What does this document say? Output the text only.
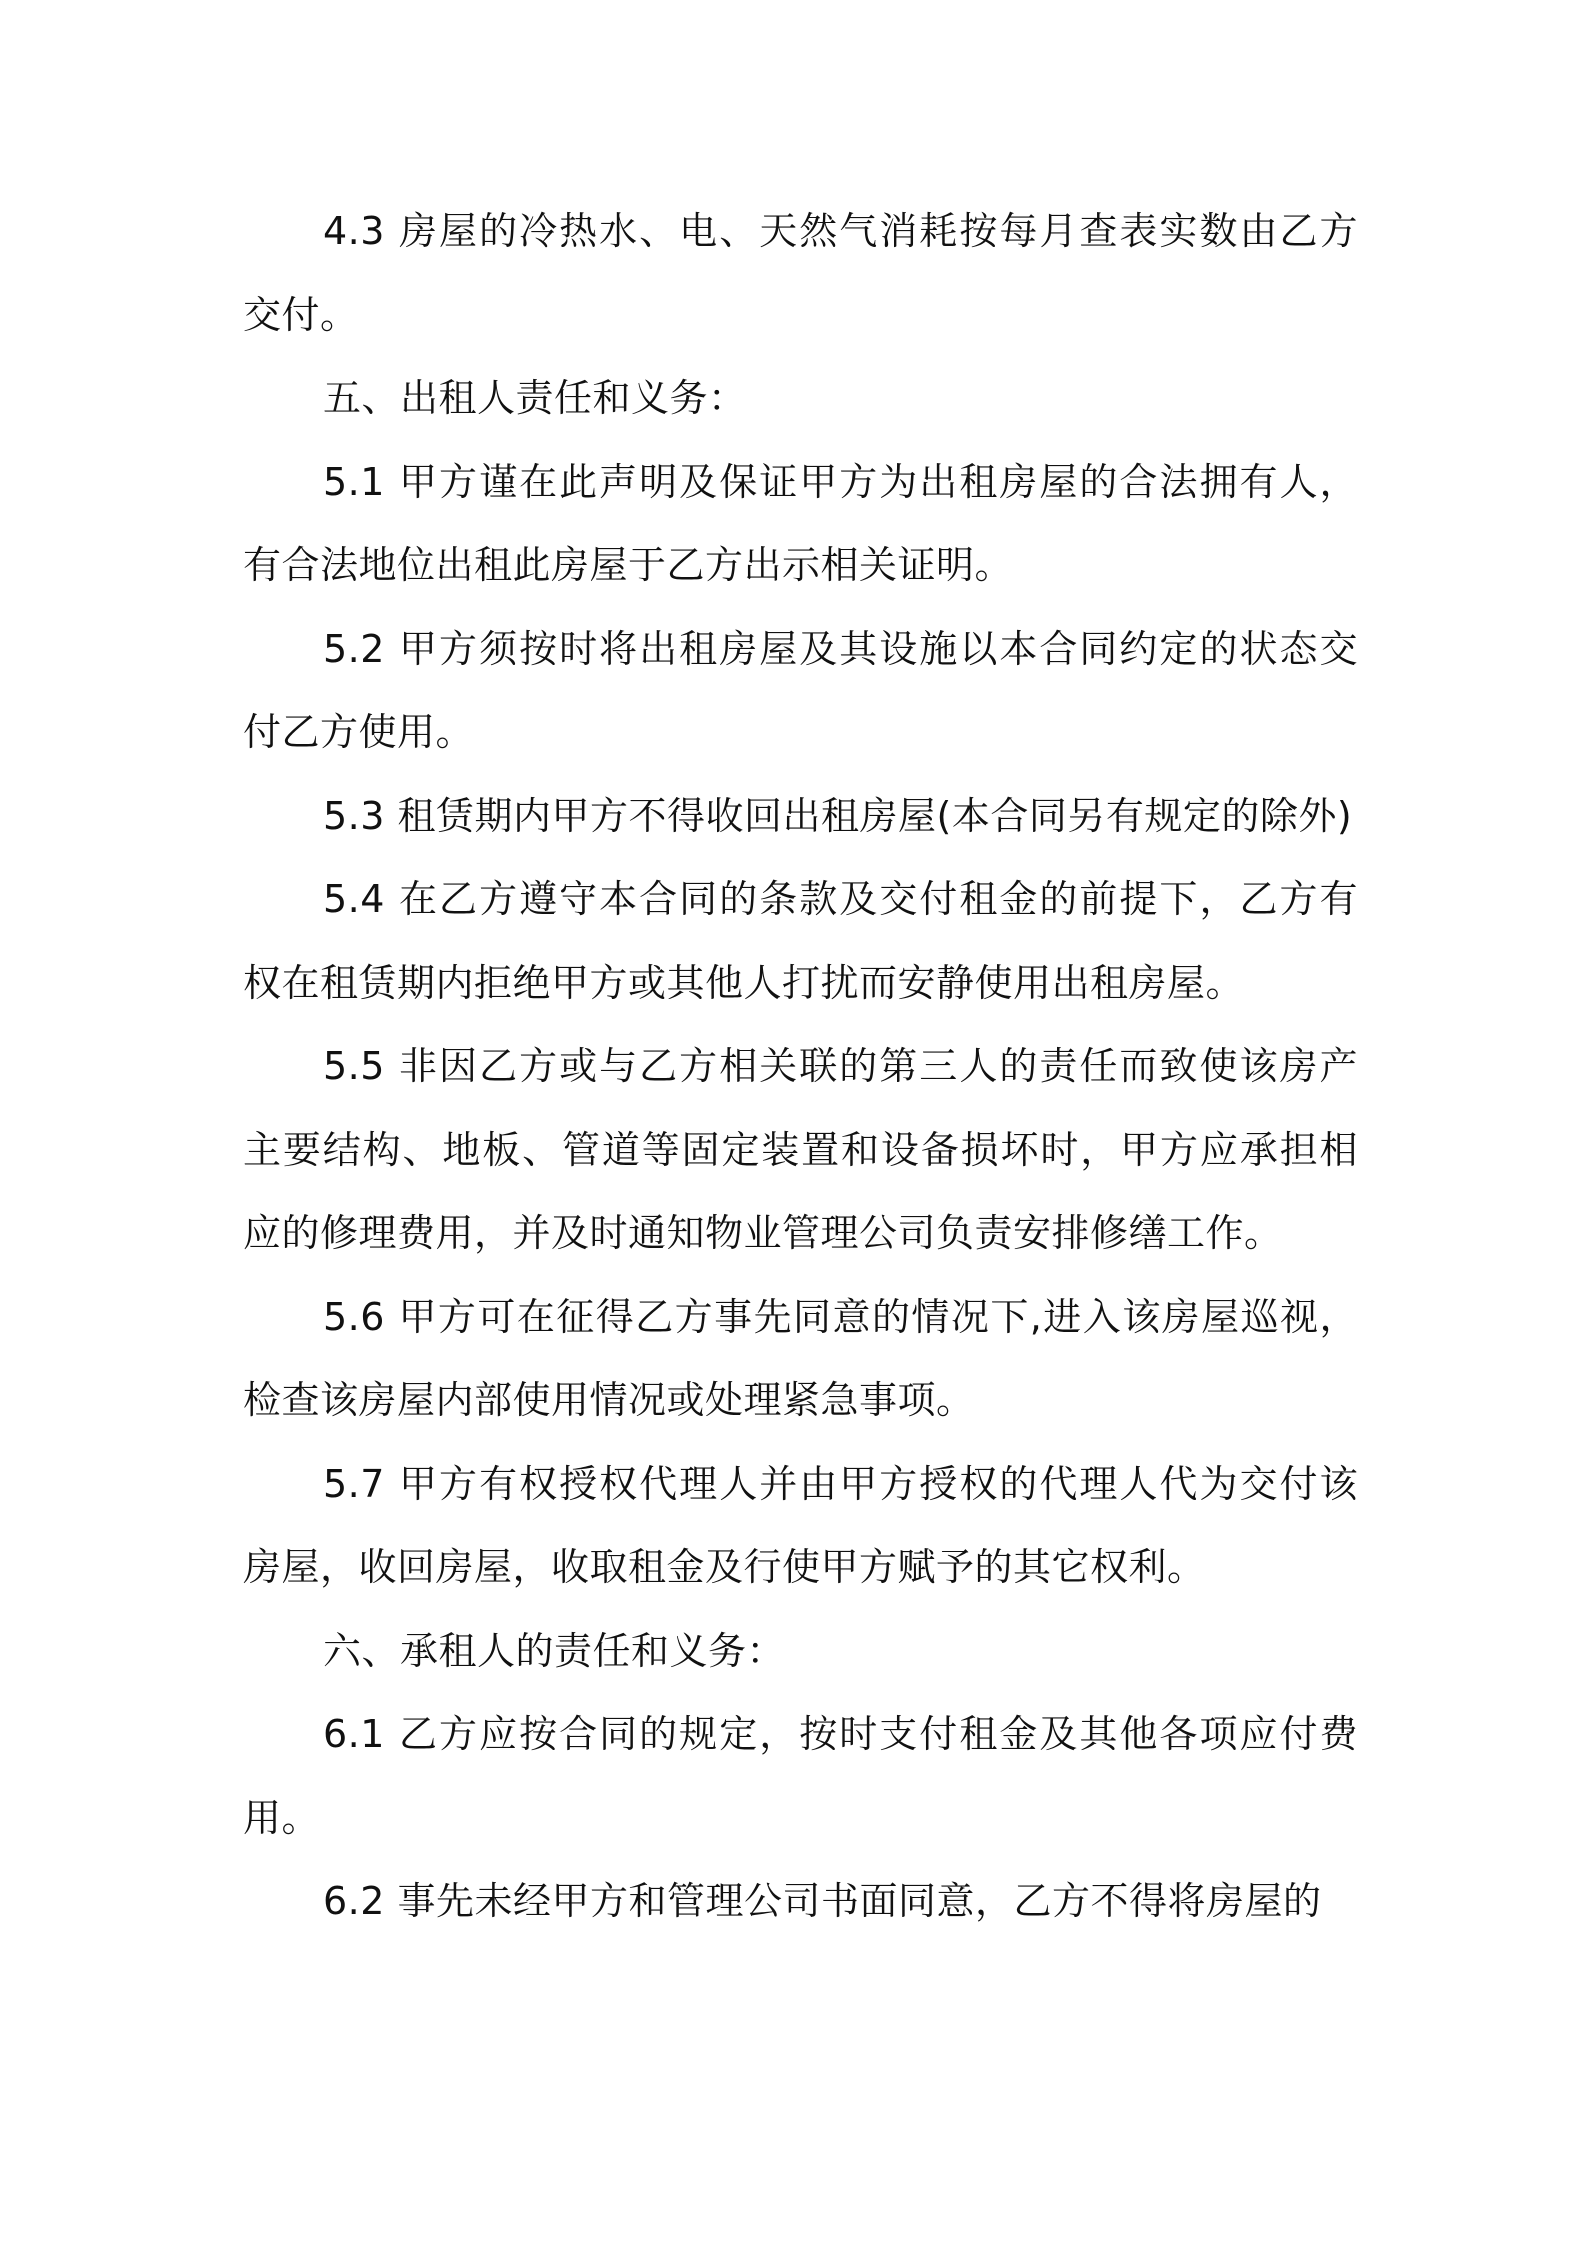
4.3 房屋的冷热水、电、天然气消耗按每月查表实数由乙方交付。

五、出租人责任和义务：

5.1 甲方谨在此声明及保证甲方为出租房屋的合法拥有人，有合法地位出租此房屋于乙方出示相关证明。

5.2 甲方须按时将出租房屋及其设施以本合同约定的状态交付乙方使用。

5.3 租赁期内甲方不得收回出租房屋(本合同另有规定的除外)

5.4 在乙方遵守本合同的条款及交付租金的前提下，乙方有权在租赁期内拒绝甲方或其他人打扰而安静使用出租房屋。

5.5 非因乙方或与乙方相关联的第三人的责任而致使该房产主要结构、地板、管道等固定装置和设备损坏时，甲方应承担相应的修理费用，并及时通知物业管理公司负责安排修缮工作。

5.6 甲方可在征得乙方事先同意的情况下,进入该房屋巡视，检查该房屋内部使用情况或处理紧急事项。

5.7 甲方有权授权代理人并由甲方授权的代理人代为交付该房屋，收回房屋，收取租金及行使甲方赋予的其它权利。

六、承租人的责任和义务：

6.1 乙方应按合同的规定，按时支付租金及其他各项应付费用。

6.2 事先未经甲方和管理公司书面同意，乙方不得将房屋的
